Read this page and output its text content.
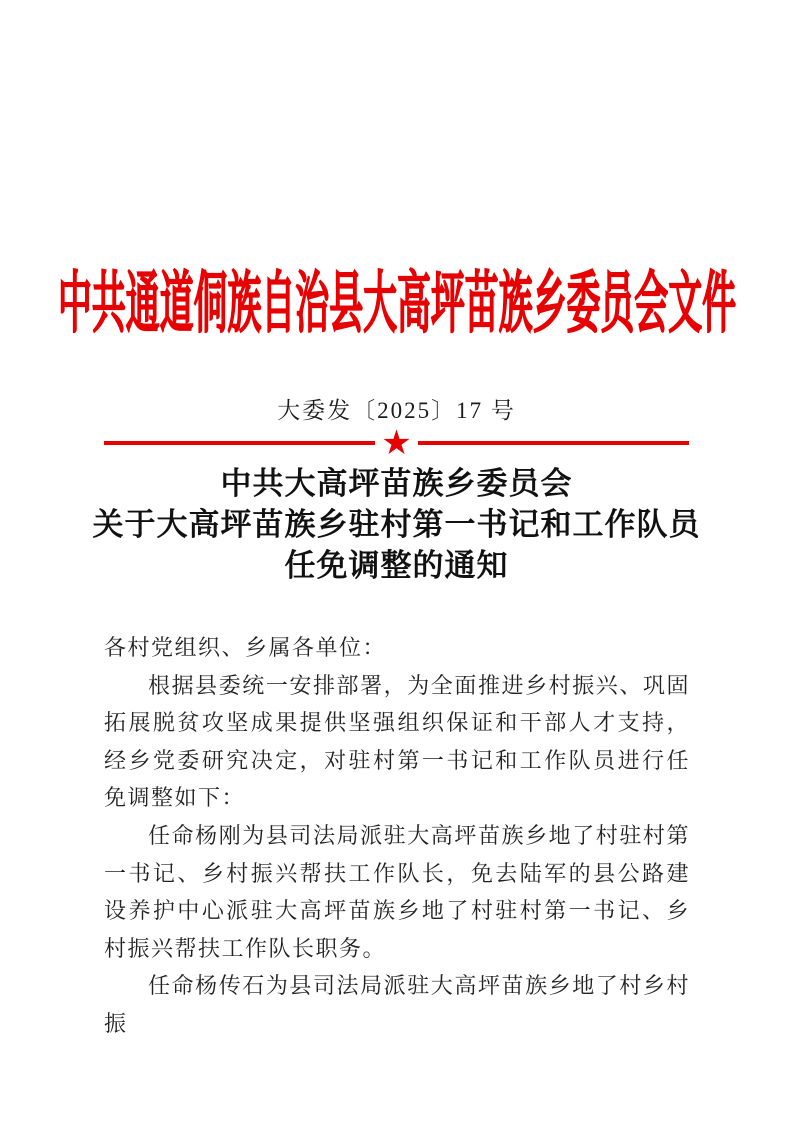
中共通道侗族自治县大高坪苗族乡委员会文件
大委发〔2025〕17 号
★
中共大高坪苗族乡委员会
关于大高坪苗族乡驻村第一书记和工作队员
任免调整的通知

各村党组织、乡属各单位：

根据县委统一安排部署，为全面推进乡村振兴、巩固拓展脱贫攻坚成果提供坚强组织保证和干部人才支持，经乡党委研究决定，对驻村第一书记和工作队员进行任免调整如下：

任命杨刚为县司法局派驻大高坪苗族乡地了村驻村第一书记、乡村振兴帮扶工作队长，免去陆军的县公路建设养护中心派驻大高坪苗族乡地了村驻村第一书记、乡村振兴帮扶工作队长职务。

任命杨传石为县司法局派驻大高坪苗族乡地了村乡村振
